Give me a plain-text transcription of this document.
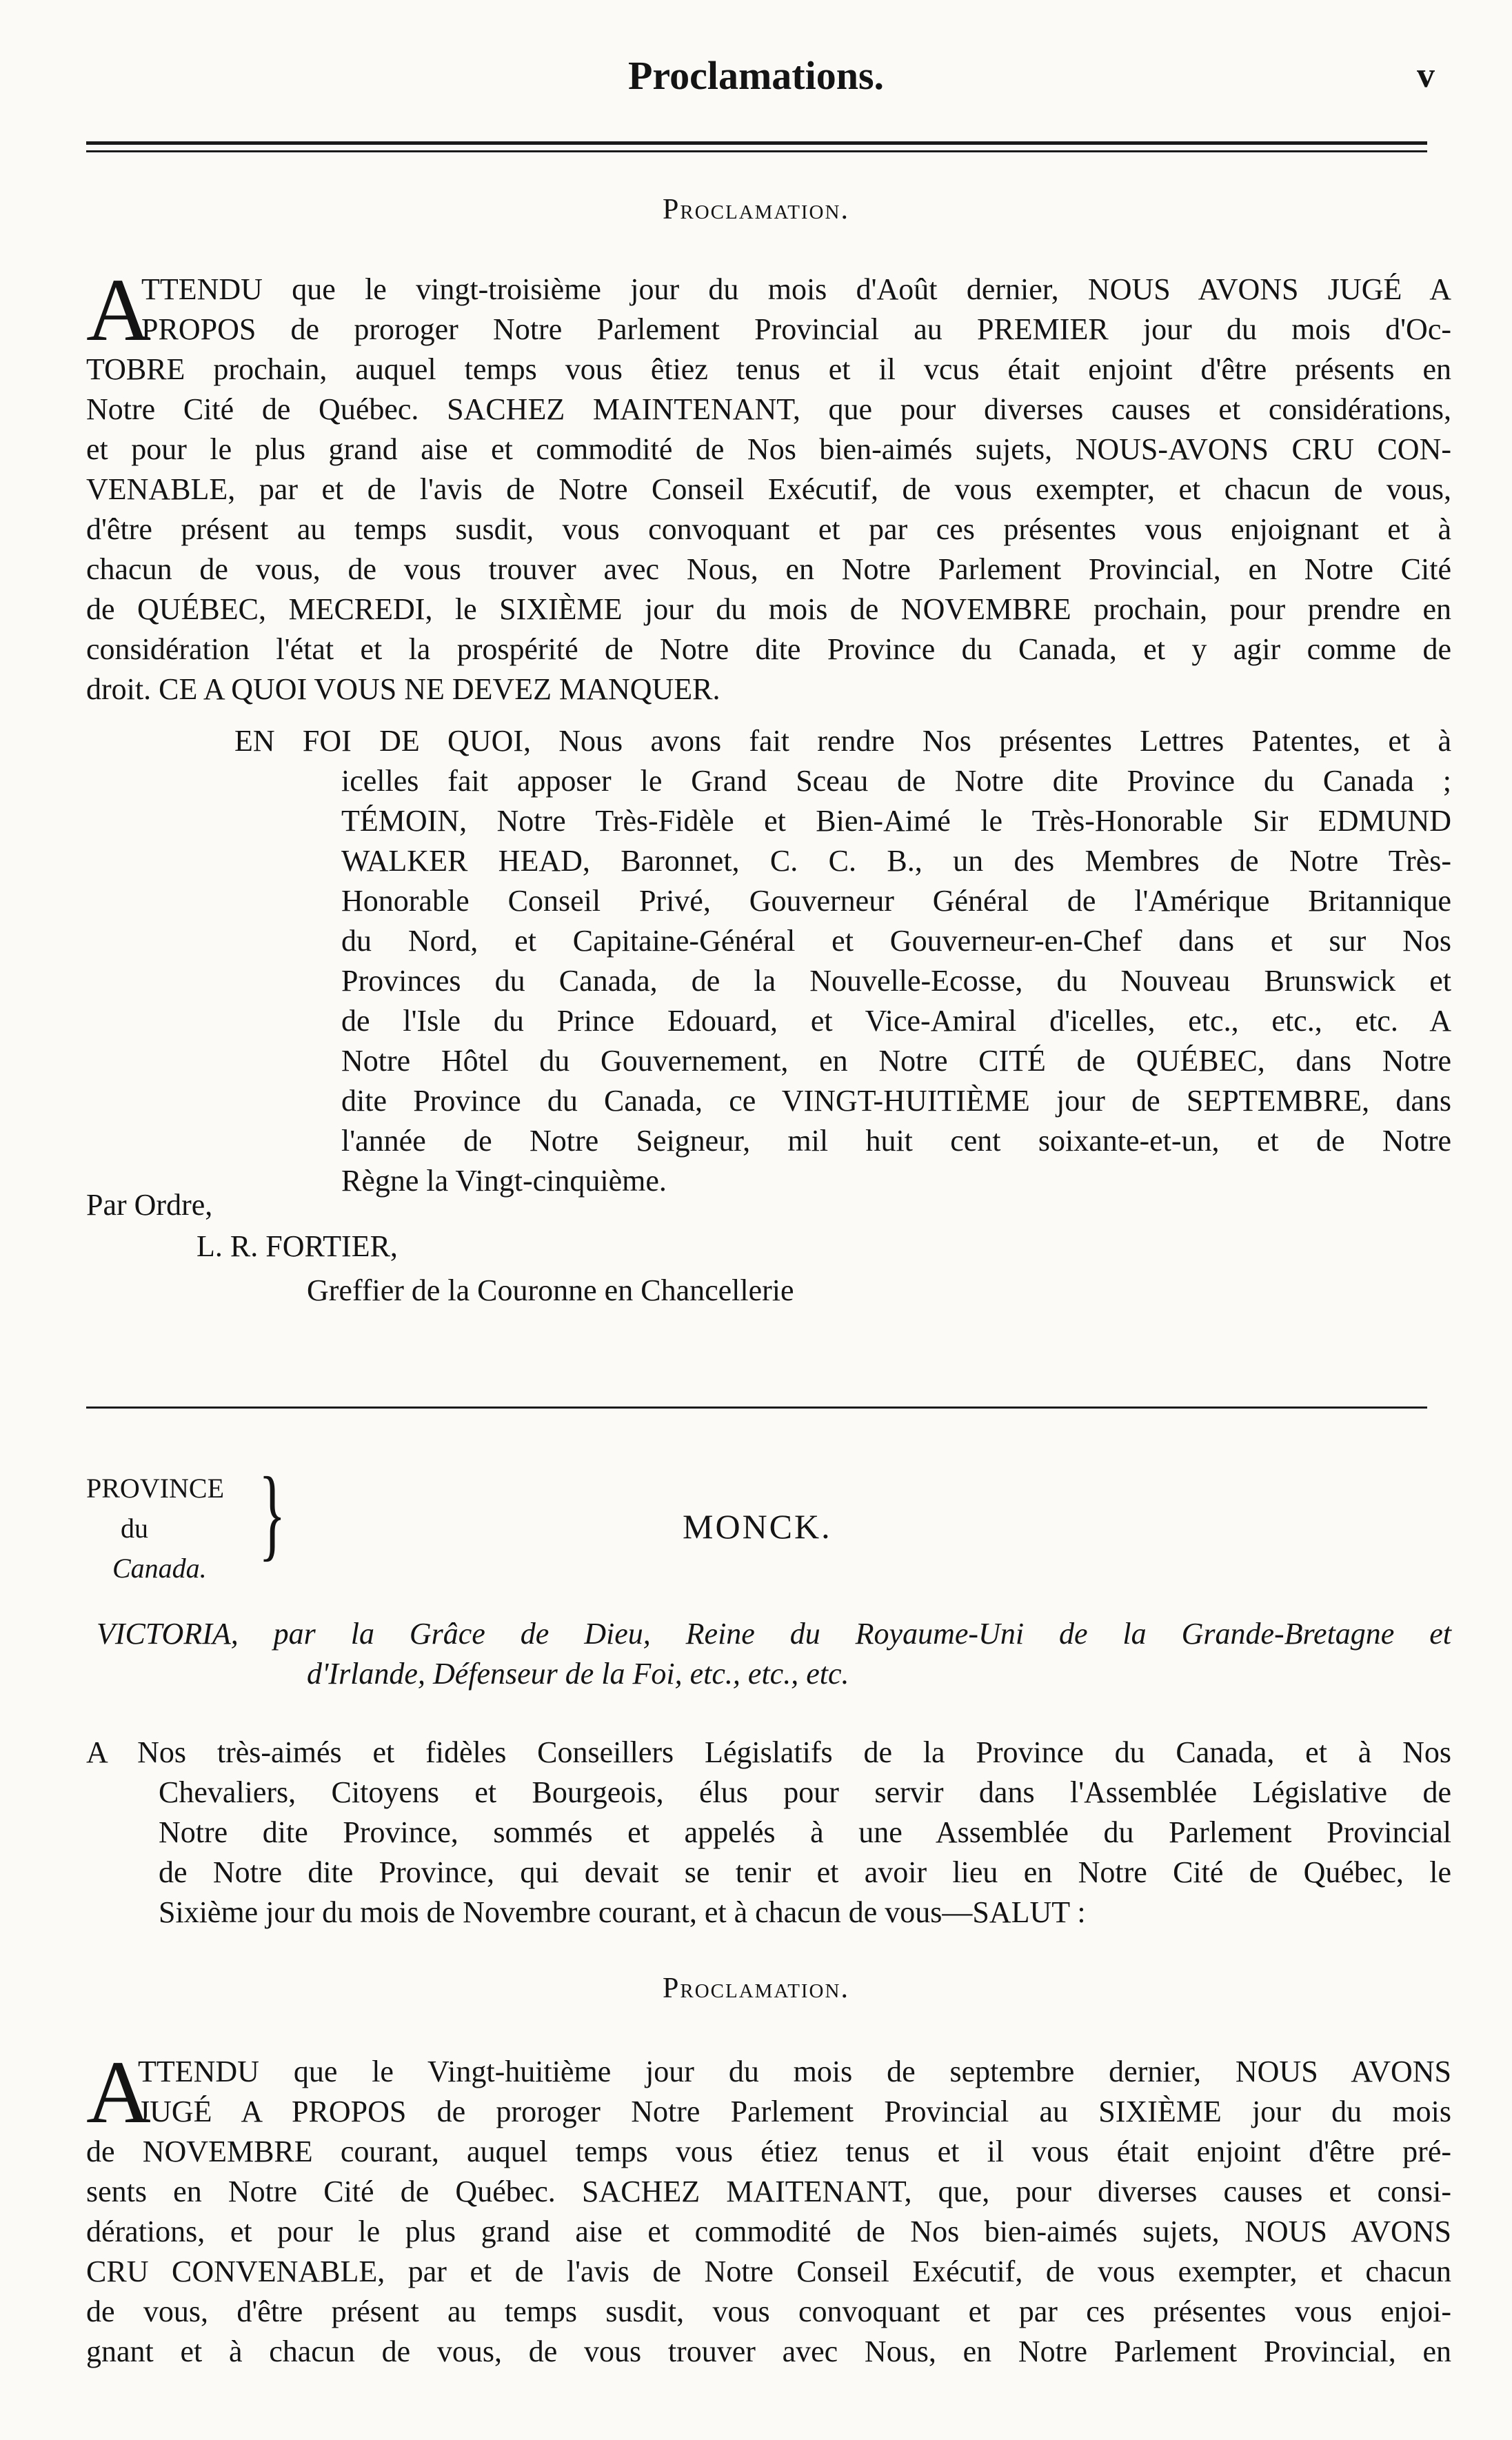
Proclamations.	v
Proclamation.
A
TTENDU que le vingt-troisième jour du mois d'Août dernier, NOUS AVONS JUGÉ A
PROPOS de proroger Notre Parlement Provincial au PREMIER jour du mois d'Oc-
TOBRE prochain, auquel temps vous êtiez tenus et il vcus était enjoint d'être présents en
Notre Cité de Québec. SACHEZ MAINTENANT, que pour diverses causes et considérations,
et pour le plus grand aise et commodité de Nos bien-aimés sujets, NOUS-AVONS CRU CON-
VENABLE, par et de l'avis de Notre Conseil Exécutif, de vous exempter, et chacun de vous,
d'être présent au temps susdit, vous convoquant et par ces présentes vous enjoignant et à
chacun de vous, de vous trouver avec Nous, en Notre Parlement Provincial, en Notre Cité
de QUÉBEC, MECREDI, le SIXIÈME jour du mois de NOVEMBRE prochain, pour prendre en
considération l'état et la prospérité de Notre dite Province du Canada, et y agir comme de
droit. CE A QUOI VOUS NE DEVEZ MANQUER.
EN FOI DE QUOI, Nous avons fait rendre Nos présentes Lettres Patentes, et à
icelles fait apposer le Grand Sceau de Notre dite Province du Canada ;
TÉMOIN, Notre Très-Fidèle et Bien-Aimé le Très-Honorable Sir EDMUND
WALKER HEAD, Baronnet, C. C. B., un des Membres de Notre Très-
Honorable Conseil Privé, Gouverneur Général de l'Amérique Britannique
du Nord, et Capitaine-Général et Gouverneur-en-Chef dans et sur Nos
Provinces du Canada, de la Nouvelle-Ecosse, du Nouveau Brunswick et
de l'Isle du Prince Edouard, et Vice-Amiral d'icelles, etc., etc., etc. A
Notre Hôtel du Gouvernement, en Notre CITÉ de QUÉBEC, dans Notre
dite Province du Canada, ce VINGT-HUITIÈME jour de SEPTEMBRE, dans
l'année de Notre Seigneur, mil huit cent soixante-et-un, et de Notre
Règne la Vingt-cinquième.
Par Ordre,
L. R. FORTIER,
Greffier de la Couronne en Chancellerie
PROVINCE
du
Canada. }	MONCK.
VICTORIA, par la Grâce de Dieu, Reine du Royaume-Uni de la Grande-Bretagne et
d'Irlande, Défenseur de la Foi, etc., etc., etc.
A Nos très-aimés et fidèles Conseillers Législatifs de la Province du Canada, et à Nos
Chevaliers, Citoyens et Bourgeois, élus pour servir dans l'Assemblée Législative de
Notre dite Province, sommés et appelés à une Assemblée du Parlement Provincial
de Notre dite Province, qui devait se tenir et avoir lieu en Notre Cité de Québec, le
Sixième jour du mois de Novembre courant, et à chacun de vous—SALUT :
Proclamation.
A
TTENDU que le Vingt-huitième jour du mois de septembre dernier, NOUS AVONS
JUGÉ A PROPOS de proroger Notre Parlement Provincial au SIXIÈME jour du mois
de NOVEMBRE courant, auquel temps vous étiez tenus et il vous était enjoint d'être pré-
sents en Notre Cité de Québec. SACHEZ MAITENANT, que, pour diverses causes et consi-
dérations, et pour le plus grand aise et commodité de Nos bien-aimés sujets, NOUS AVONS
CRU CONVENABLE, par et de l'avis de Notre Conseil Exécutif, de vous exempter, et chacun
de vous, d'être présent au temps susdit, vous convoquant et par ces présentes vous enjoi-
gnant et à chacun de vous, de vous trouver avec Nous, en Notre Parlement Provincial, en
